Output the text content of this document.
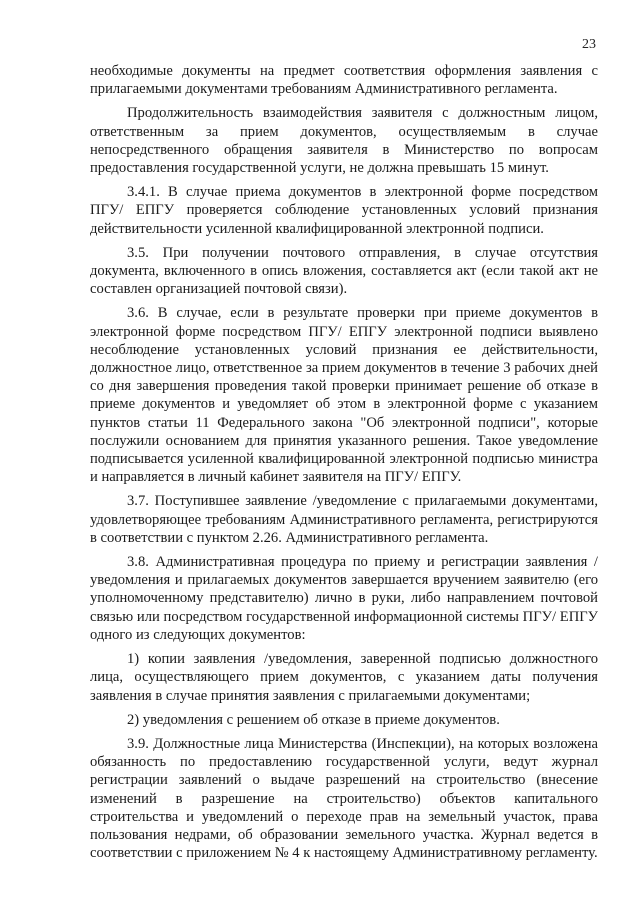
23

необходимые документы на предмет соответствия оформления заявления с прилагаемыми документами требованиям Административного регламента.

Продолжительность взаимодействия заявителя с должностным лицом, ответственным за прием документов, осуществляемым в случае непосредственного обращения заявителя в Министерство по вопросам предоставления государственной услуги, не должна превышать 15 минут.

3.4.1. В случае приема документов в электронной форме посредством ПГУ/ ЕПГУ проверяется соблюдение установленных условий признания действительности усиленной квалифицированной электронной подписи.

3.5. При получении почтового отправления, в случае отсутствия документа, включенного в опись вложения, составляется акт (если такой акт не составлен организацией почтовой связи).

3.6. В случае, если в результате проверки при приеме документов в электронной форме посредством ПГУ/ ЕПГУ электронной подписи выявлено несоблюдение установленных условий признания ее действительности, должностное лицо, ответственное за прием документов в течение 3 рабочих дней со дня завершения проведения такой проверки принимает решение об отказе в приеме документов и уведомляет об этом в электронной форме с указанием пунктов статьи 11 Федерального закона "Об электронной подписи", которые послужили основанием для принятия указанного решения. Такое уведомление подписывается усиленной квалифицированной электронной подписью министра и направляется в личный кабинет заявителя на ПГУ/ ЕПГУ.

3.7. Поступившее заявление /уведомление с прилагаемыми документами, удовлетворяющее требованиям Административного регламента, регистрируются в соответствии с пунктом 2.26. Административного регламента.

3.8. Административная процедура по приему и регистрации заявления /уведомления и прилагаемых документов завершается вручением заявителю (его уполномоченному представителю) лично в руки, либо направлением почтовой связью или посредством государственной информационной системы ПГУ/ ЕПГУ одного из следующих документов:

1) копии заявления /уведомления, заверенной подписью должностного лица, осуществляющего прием документов, с указанием даты получения заявления в случае принятия заявления с прилагаемыми документами;

2) уведомления с решением об отказе в приеме документов.

3.9. Должностные лица Министерства (Инспекции), на которых возложена обязанность по предоставлению государственной услуги, ведут журнал регистрации заявлений о выдаче разрешений на строительство (внесение изменений в разрешение на строительство) объектов капитального строительства и уведомлений о переходе прав на земельный участок, права пользования недрами, об образовании земельного участка. Журнал ведется в соответствии с приложением № 4 к настоящему Административному регламенту.
